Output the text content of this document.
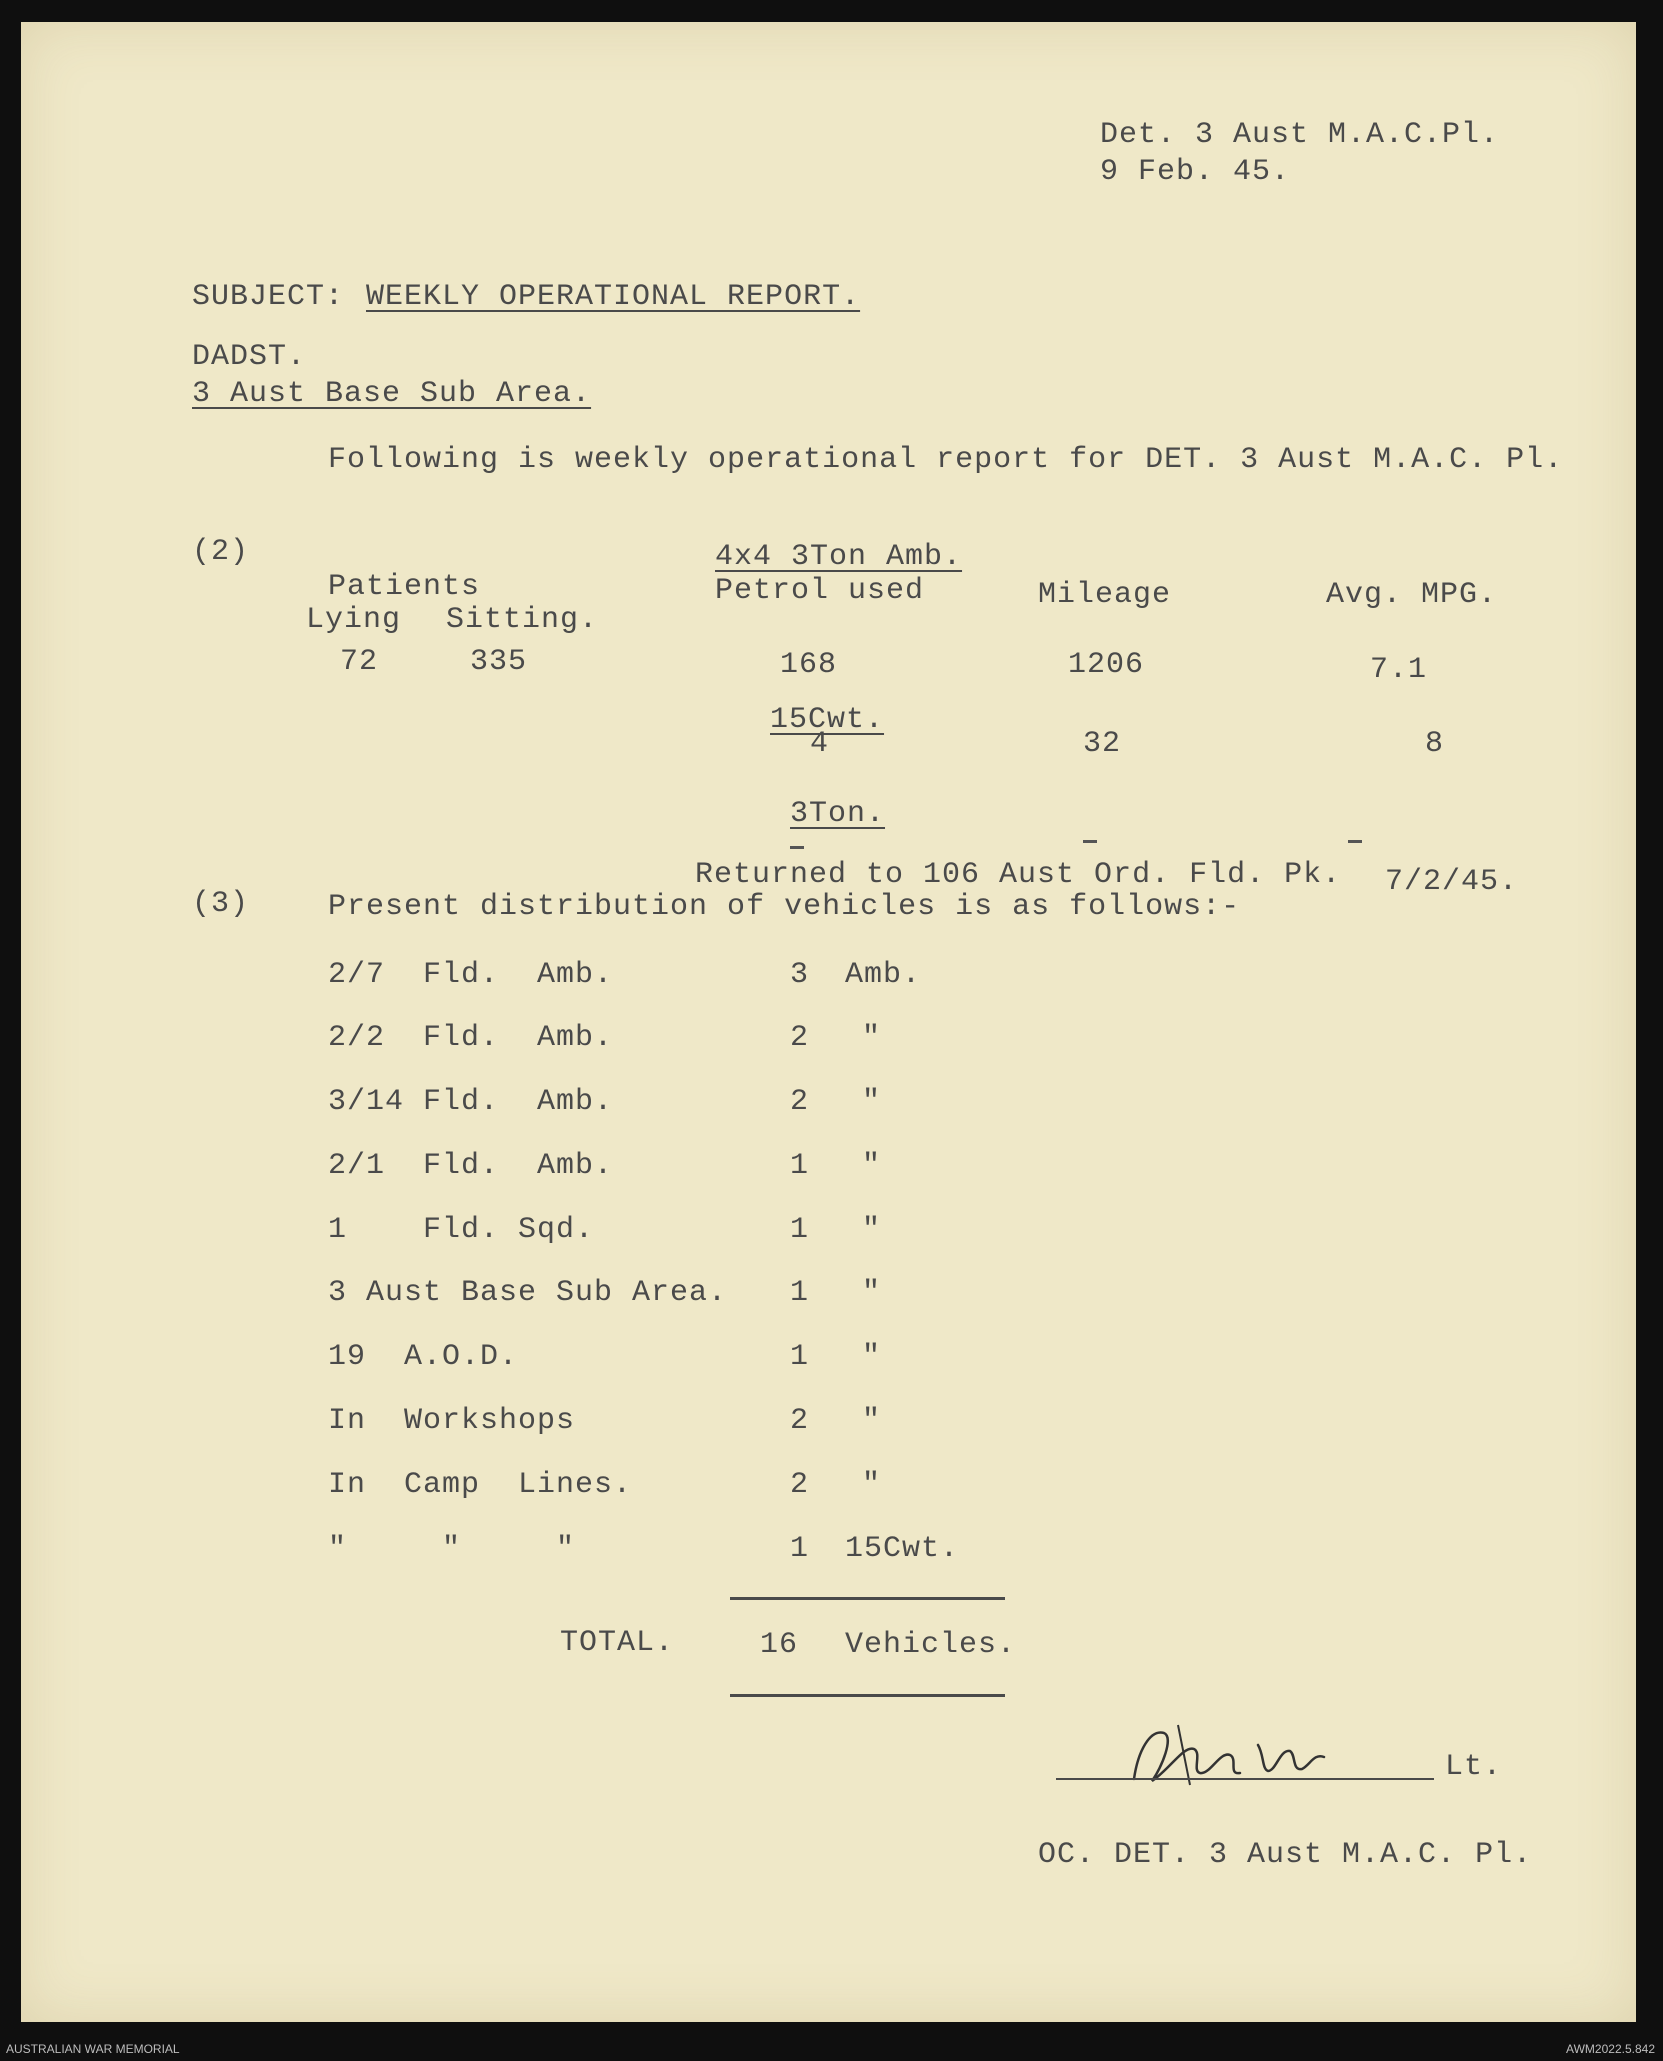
Det. 3 Aust M.A.C.Pl.
9 Feb. 45.
SUBJECT: WEEKLY OPERATIONAL REPORT.
DADST.
3 Aust Base Sub Area.
Following is weekly operational report for DET. 3 Aust M.A.C. Pl.
(2)	4x4 3Ton Amb.
Patients
Lying Sitting.
Petrol used	Mileage	Avg. MPG.
72	335	168	1206	7.1
15Cwt.
4	32	8
3Ton.
Returned to 106 Aust Ord. Fld. Pk. 7/2/45.
(3)	Present distribution of vehicles is as follows:-
2/7  Fld.  Amb.	3 Amb.
2/2  Fld.  Amb.	2 "
3/14 Fld.  Amb.	2 "
2/1  Fld.  Amb.	1 "
1    Fld. Sqd.	1 "
3 Aust Base Sub Area. 1 "
19  A.O.D.	1 "
In  Workshops	2 "
In  Camp  Lines.	2 "
"     "     "	1 15Cwt.
TOTAL.	16 Vehicles.
Lt.
OC. DET. 3 Aust M.A.C. Pl.
AUSTRALIAN WAR MEMORIAL	AWM2022.5.842
